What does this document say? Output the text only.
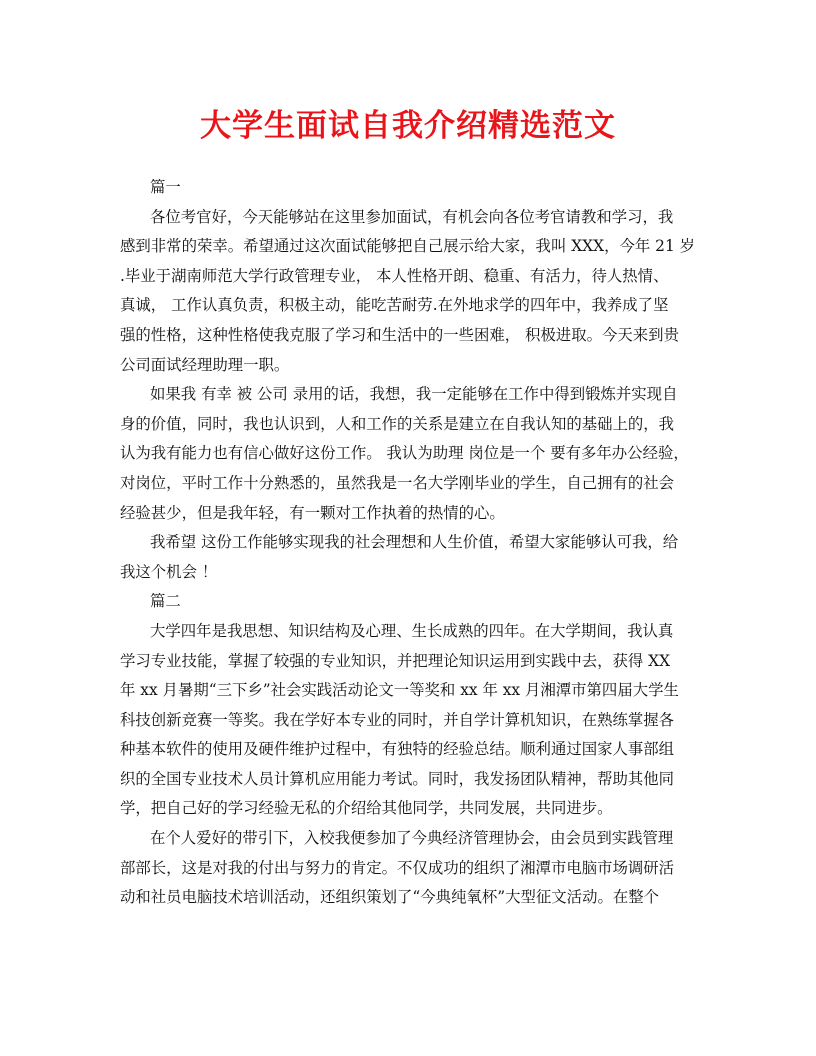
大学生面试自我介绍精选范文
篇一
各位考官好，今天能够站在这里参加面试，有机会向各位考官请教和学习，我
感到非常的荣幸。希望通过这次面试能够把自己展示给大家，我叫 XXX，今年 21 岁
.毕业于湖南师范大学行政管理专业， 本人性格开朗、稳重、有活力，待人热情、
真诚， 工作认真负责，积极主动，能吃苦耐劳.在外地求学的四年中，我养成了坚
强的性格，这种性格使我克服了学习和生活中的一些困难， 积极进取。今天来到贵
公司面试经理助理一职。
如果我 有幸 被 公司 录用的话，我想，我一定能够在工作中得到锻炼并实现自
身的价值，同时，我也认识到，人和工作的关系是建立在自我认知的基础上的，我
认为我有能力也有信心做好这份工作。 我认为助理 岗位是一个 要有多年办公经验，
对岗位，平时工作十分熟悉的，虽然我是一名大学刚毕业的学生，自己拥有的社会
经验甚少，但是我年轻，有一颗对工作执着的热情的心。
我希望 这份工作能够实现我的社会理想和人生价值，希望大家能够认可我，给
我这个机会 ！
篇二
大学四年是我思想、知识结构及心理、生长成熟的四年。在大学期间，我认真
学习专业技能，掌握了较强的专业知识，并把理论知识运用到实践中去，获得 XX
年 xx 月暑期“三下乡”社会实践活动论文一等奖和 xx 年 xx 月湘潭市第四届大学生
科技创新竞赛一等奖。我在学好本专业的同时，并自学计算机知识，在熟练掌握各
种基本软件的使用及硬件维护过程中，有独特的经验总结。顺利通过国家人事部组
织的全国专业技术人员计算机应用能力考试。同时，我发扬团队精神，帮助其他同
学，把自己好的学习经验无私的介绍给其他同学，共同发展，共同进步。
在个人爱好的带引下，入校我便参加了今典经济管理协会，由会员到实践管理
部部长，这是对我的付出与努力的肯定。不仅成功的组织了湘潭市电脑市场调研活
动和社员电脑技术培训活动，还组织策划了“今典纯氧杯”大型征文活动。在整个
